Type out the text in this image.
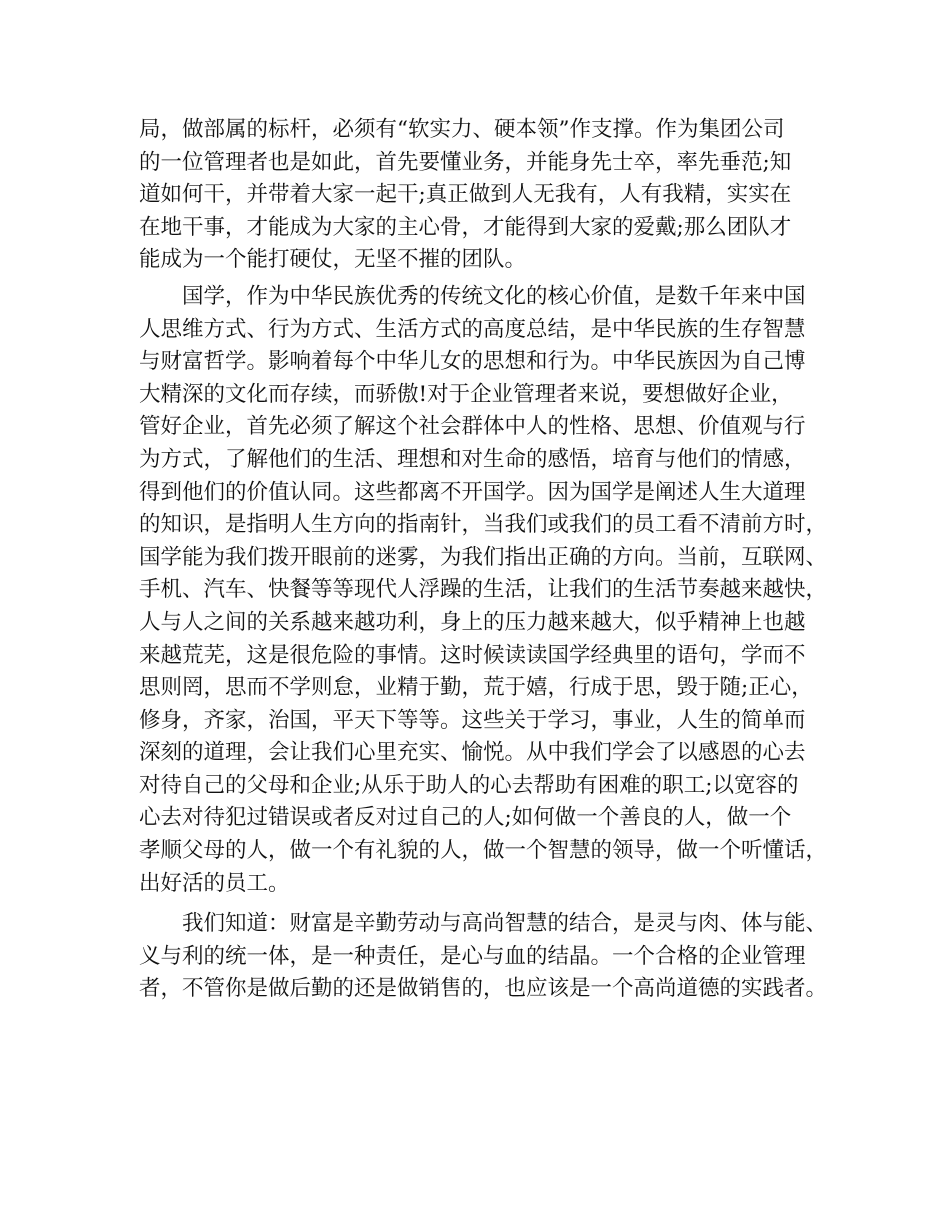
局，做部属的标杆，必须有“软实力、硬本领”作支撑。作为集团公司
的一位管理者也是如此，首先要懂业务，并能身先士卒，率先垂范;知
道如何干，并带着大家一起干;真正做到人无我有，人有我精，实实在
在地干事，才能成为大家的主心骨，才能得到大家的爱戴;那么团队才
能成为一个能打硬仗，无坚不摧的团队。

国学，作为中华民族优秀的传统文化的核心价值，是数千年来中国
人思维方式、行为方式、生活方式的高度总结，是中华民族的生存智慧
与财富哲学。影响着每个中华儿女的思想和行为。中华民族因为自己博
大精深的文化而存续，而骄傲!对于企业管理者来说，要想做好企业，
管好企业，首先必须了解这个社会群体中人的性格、思想、价值观与行
为方式，了解他们的生活、理想和对生命的感悟，培育与他们的情感，
得到他们的价值认同。这些都离不开国学。因为国学是阐述人生大道理
的知识，是指明人生方向的指南针，当我们或我们的员工看不清前方时，
国学能为我们拨开眼前的迷雾，为我们指出正确的方向。当前，互联网、
手机、汽车、快餐等等现代人浮躁的生活，让我们的生活节奏越来越快，
人与人之间的关系越来越功利，身上的压力越来越大，似乎精神上也越
来越荒芜，这是很危险的事情。这时候读读国学经典里的语句，学而不
思则罔，思而不学则怠，业精于勤，荒于嬉，行成于思，毁于随;正心，
修身，齐家，治国，平天下等等。这些关于学习，事业，人生的简单而
深刻的道理，会让我们心里充实、愉悦。从中我们学会了以感恩的心去
对待自己的父母和企业;从乐于助人的心去帮助有困难的职工;以宽容的
心去对待犯过错误或者反对过自己的人;如何做一个善良的人，做一个
孝顺父母的人，做一个有礼貌的人，做一个智慧的领导，做一个听懂话，
出好活的员工。

我们知道：财富是辛勤劳动与高尚智慧的结合，是灵与肉、体与能、
义与利的统一体，是一种责任，是心与血的结晶。一个合格的企业管理
者，不管你是做后勤的还是做销售的，也应该是一个高尚道德的实践者。
